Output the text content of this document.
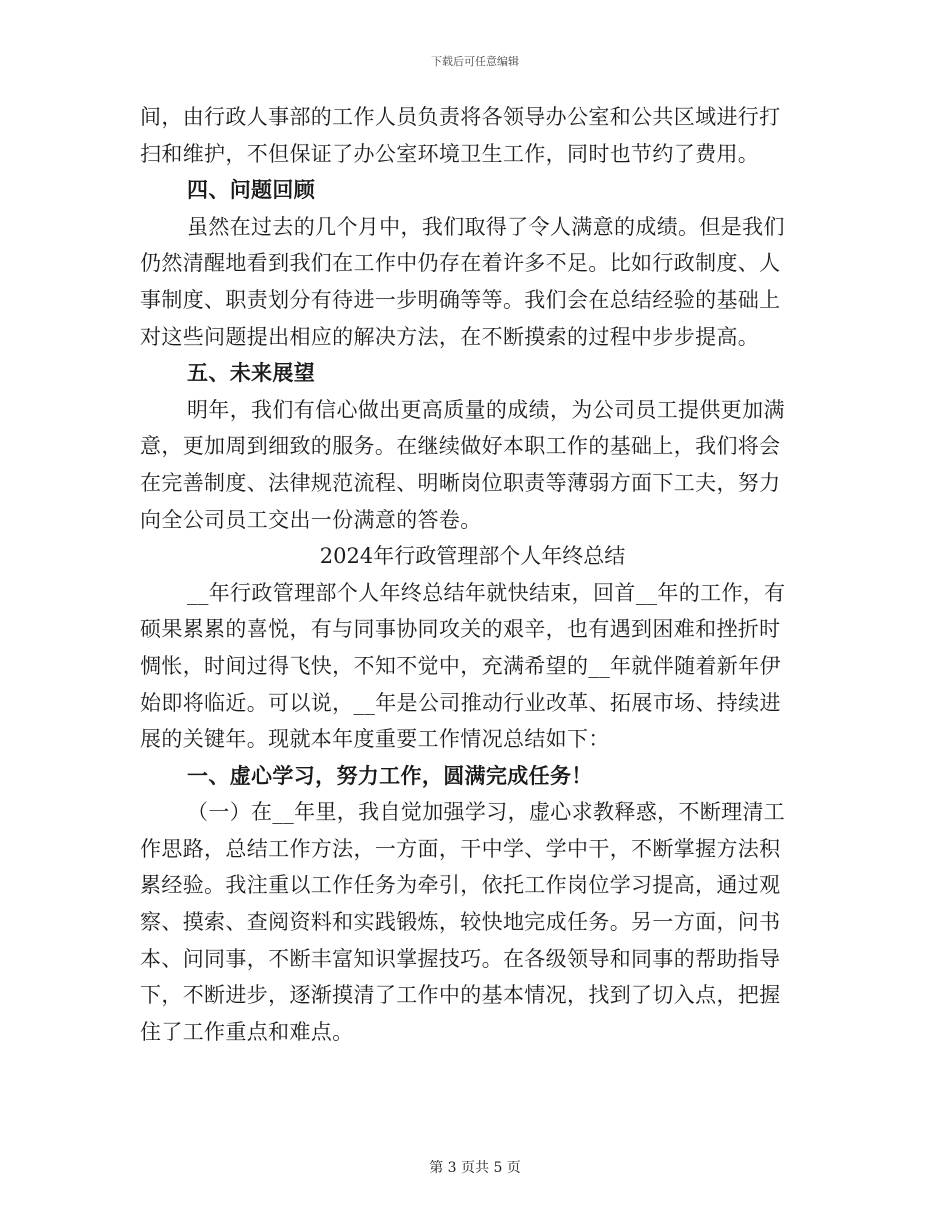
下载后可任意编辑
间，由行政人事部的工作人员负责将各领导办公室和公共区域进行打
扫和维护，不但保证了办公室环境卫生工作，同时也节约了费用。
四、问题回顾
虽然在过去的几个月中，我们取得了令人满意的成绩。但是我们
仍然清醒地看到我们在工作中仍存在着许多不足。比如行政制度、人
事制度、职责划分有待进一步明确等等。我们会在总结经验的基础上
对这些问题提出相应的解决方法，在不断摸索的过程中步步提高。
五、未来展望
明年，我们有信心做出更高质量的成绩，为公司员工提供更加满
意，更加周到细致的服务。在继续做好本职工作的基础上，我们将会
在完善制度、法律规范流程、明晰岗位职责等薄弱方面下工夫，努力
向全公司员工交出一份满意的答卷。
2024年行政管理部个人年终总结
__年行政管理部个人年终总结年就快结束，回首__年的工作，有
硕果累累的喜悦，有与同事协同攻关的艰辛，也有遇到困难和挫折时
惆怅，时间过得飞快，不知不觉中，充满希望的__年就伴随着新年伊
始即将临近。可以说，__年是公司推动行业改革、拓展市场、持续进
展的关键年。现就本年度重要工作情况总结如下：
一、虚心学习，努力工作，圆满完成任务！
（一）在__年里，我自觉加强学习，虚心求教释惑，不断理清工
作思路，总结工作方法，一方面，干中学、学中干，不断掌握方法积
累经验。我注重以工作任务为牵引，依托工作岗位学习提高，通过观
察、摸索、查阅资料和实践锻炼，较快地完成任务。另一方面，问书
本、问同事，不断丰富知识掌握技巧。在各级领导和同事的帮助指导
下，不断进步，逐渐摸清了工作中的基本情况，找到了切入点，把握
住了工作重点和难点。
第 3 页共 5 页
